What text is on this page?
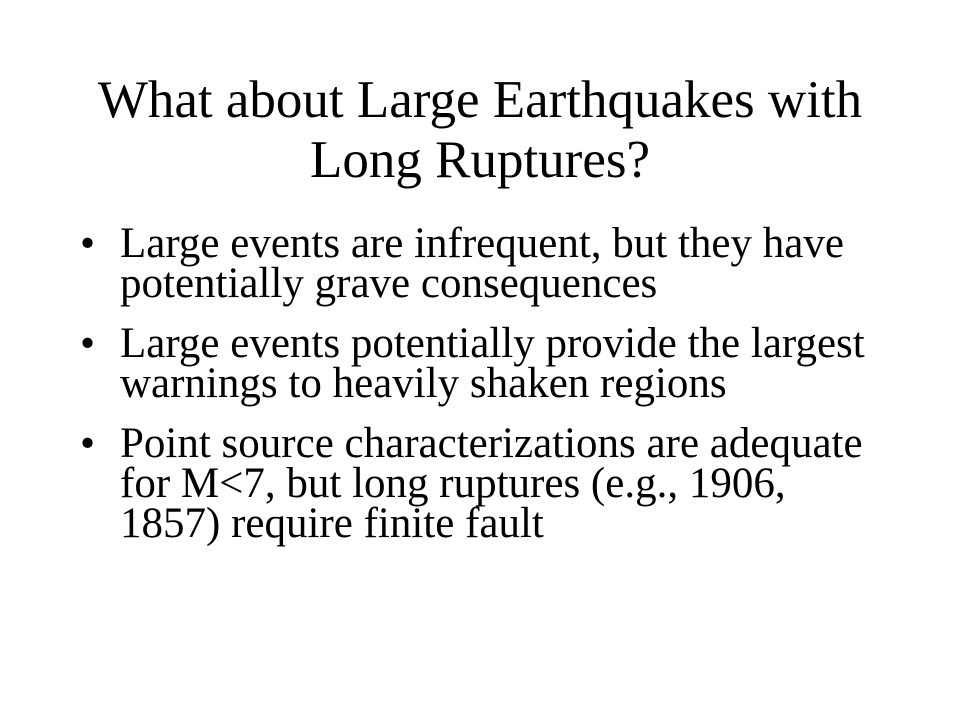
What about Large Earthquakes with
Long Ruptures?
• Large events are infrequent, but they have
potentially grave consequences
• Large events potentially provide the largest
warnings to heavily shaken regions
• Point source characterizations are adequate
for M<7, but long ruptures (e.g., 1906,
1857) require finite fault
